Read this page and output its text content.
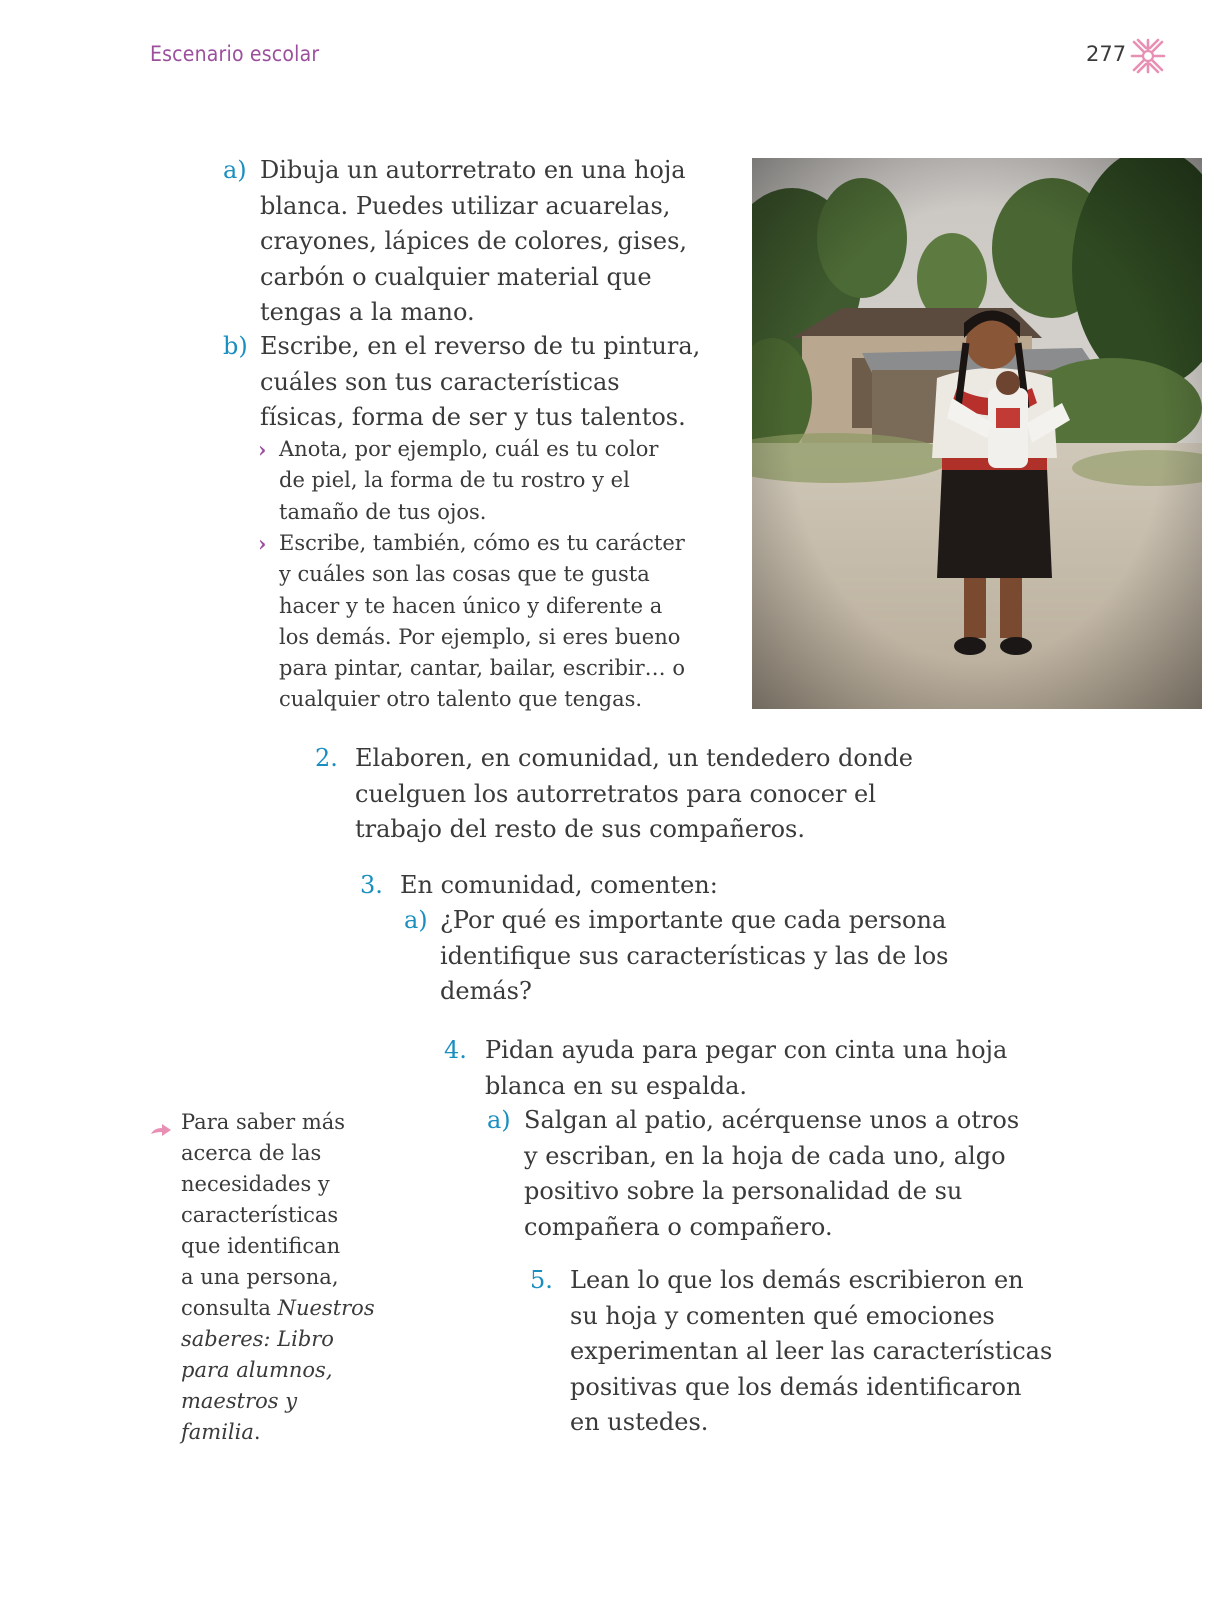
Escenario escolar	277
a) Dibuja un autorretrato en una hoja
blanca. Puedes utilizar acuarelas,
crayones, lápices de colores, gises,
carbón o cualquier material que
tengas a la mano.
b) Escribe, en el reverso de tu pintura,
cuáles son tus características
físicas, forma de ser y tus talentos.
› Anota, por ejemplo, cuál es tu color
de piel, la forma de tu rostro y el
tamaño de tus ojos.
› Escribe, también, cómo es tu carácter
y cuáles son las cosas que te gusta
hacer y te hacen único y diferente a
los demás. Por ejemplo, si eres bueno
para pintar, cantar, bailar, escribir… o
cualquier otro talento que tengas.
2. Elaboren, en comunidad, un tendedero donde
cuelguen los autorretratos para conocer el
trabajo del resto de sus compañeros.
3. En comunidad, comenten:
a) ¿Por qué es importante que cada persona
identifique sus características y las de los
demás?
4. Pidan ayuda para pegar con cinta una hoja
blanca en su espalda.
a) Salgan al patio, acérquense unos a otros
y escriban, en la hoja de cada uno, algo
positivo sobre la personalidad de su
compañera o compañero.
5. Lean lo que los demás escribieron en
su hoja y comenten qué emociones
experimentan al leer las características
positivas que los demás identificaron
en ustedes.
Para saber más
acerca de las
necesidades y
características
que identifican
a una persona,
consulta Nuestros
saberes: Libro
para alumnos,
maestros y
familia.
